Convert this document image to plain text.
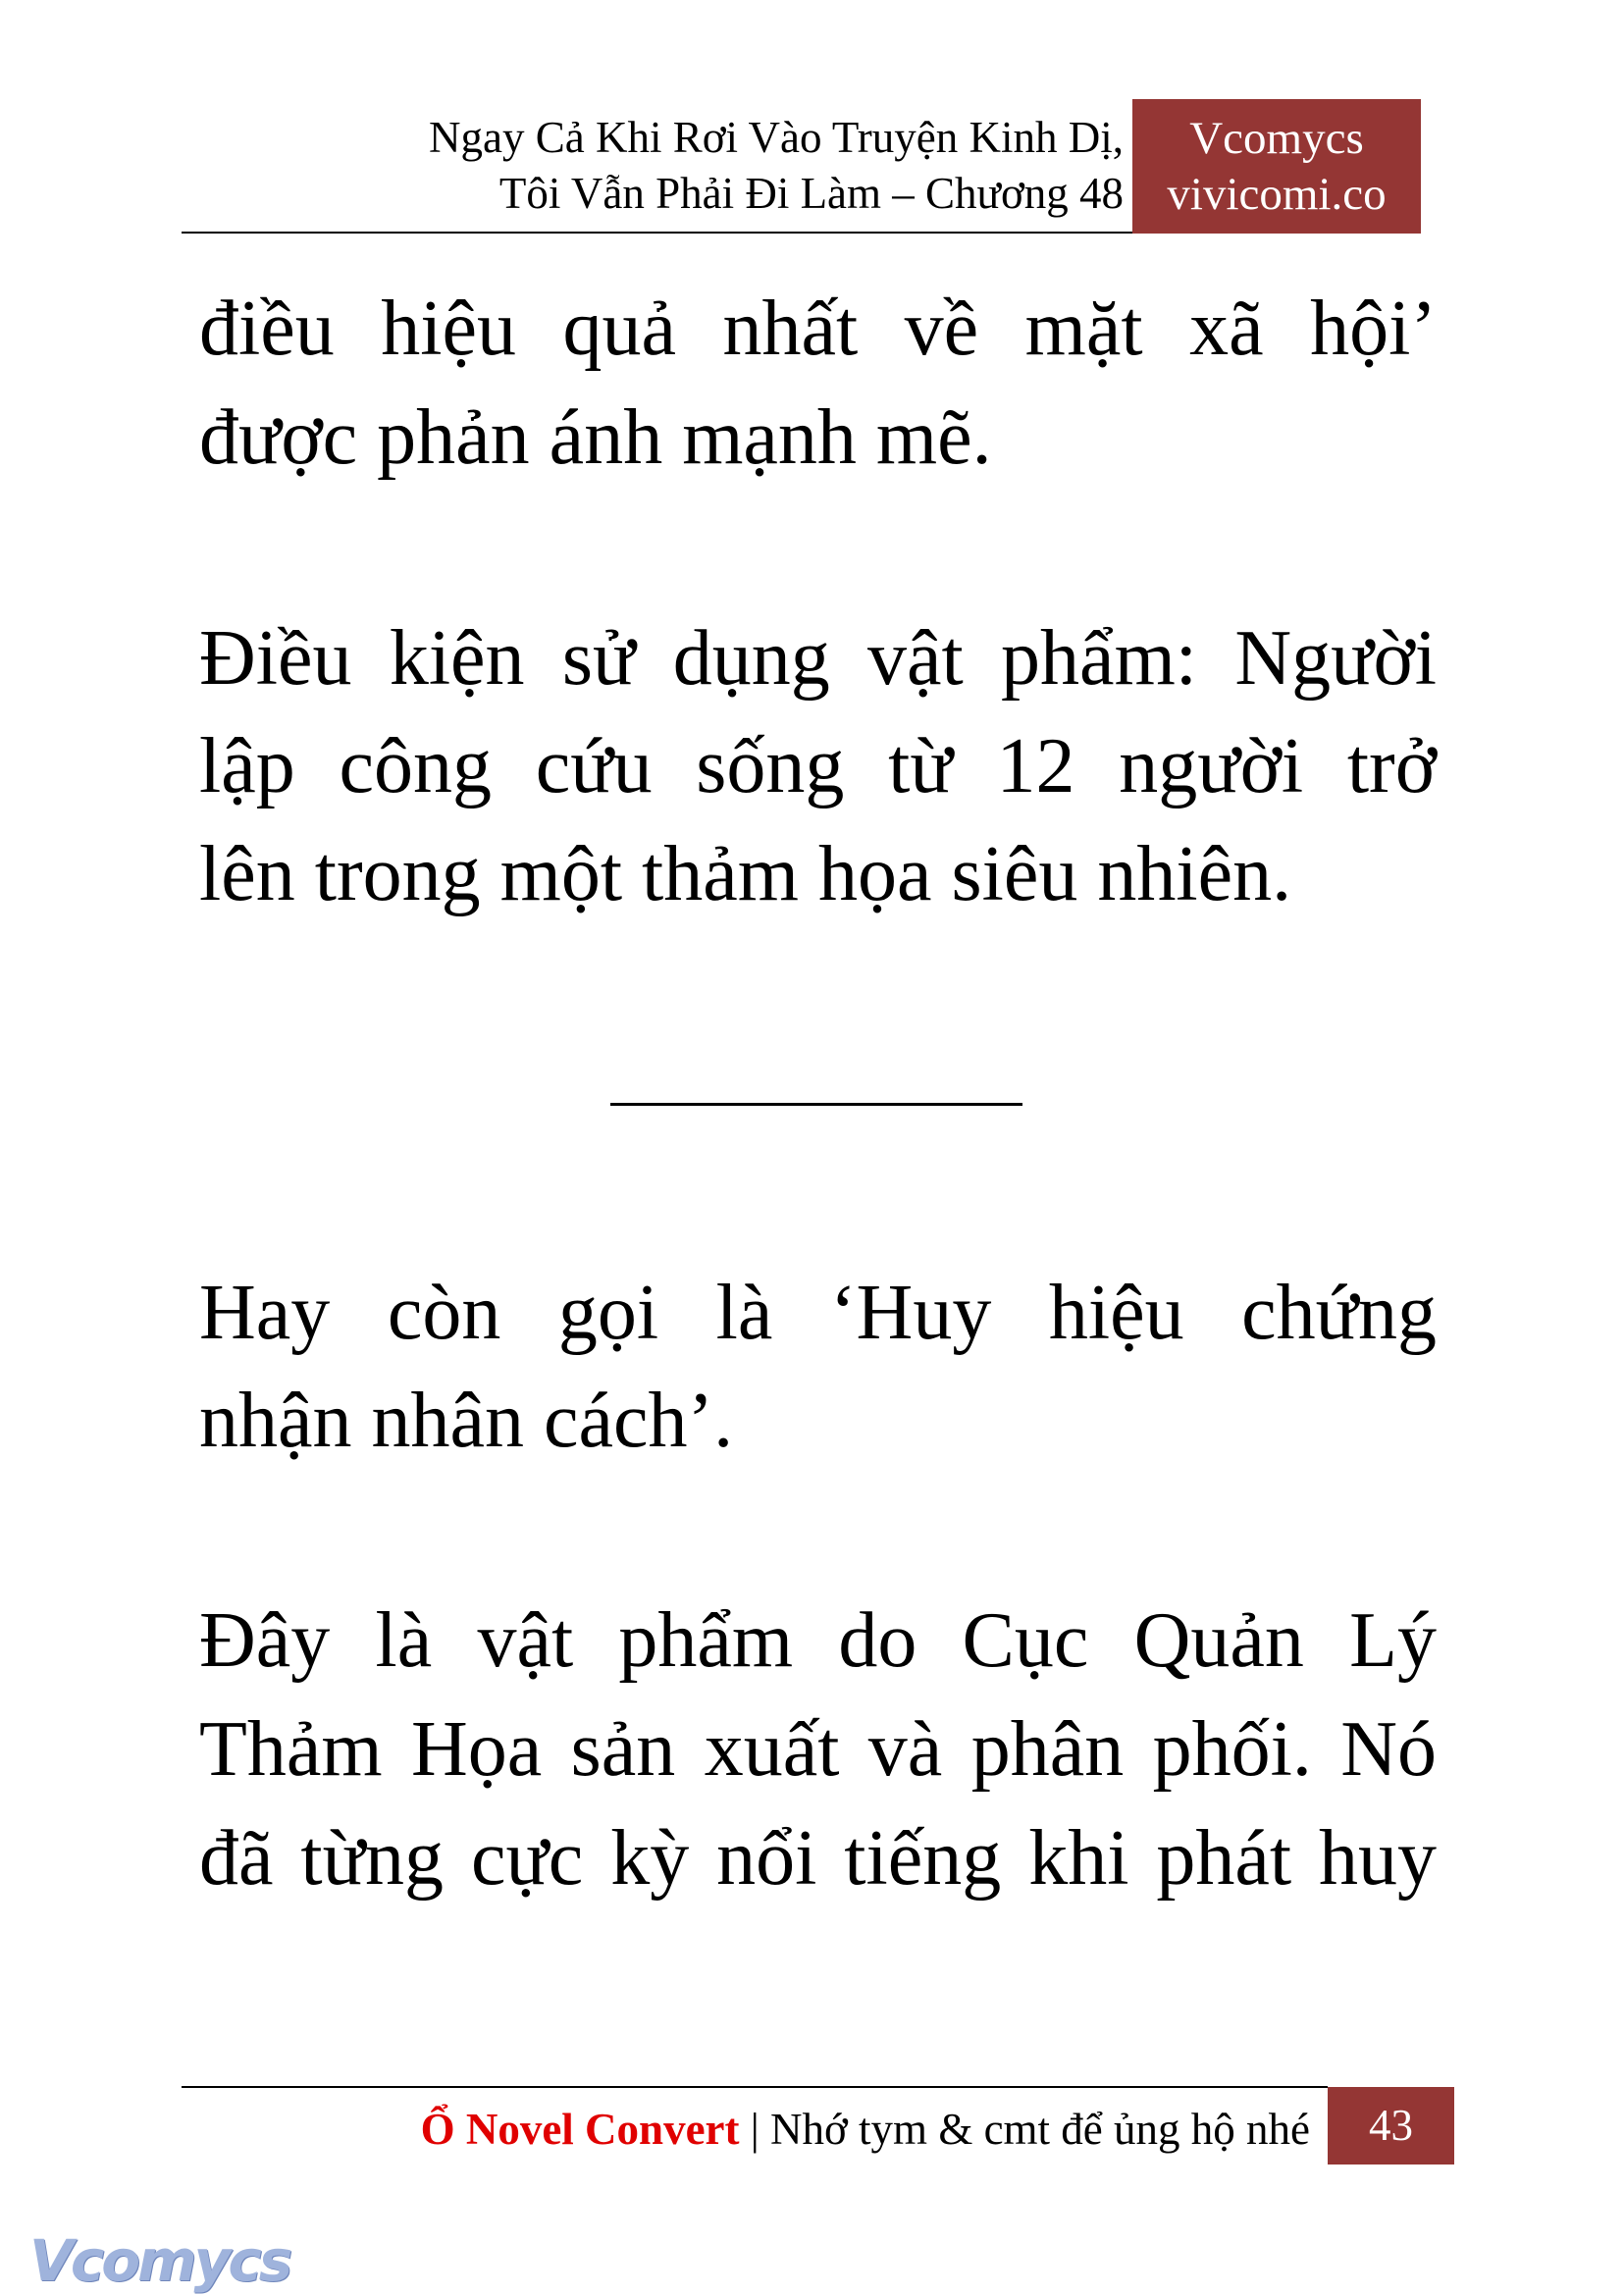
Ngay Cả Khi Rơi Vào Truyện Kinh Dị,
Tôi Vẫn Phải Đi Làm – Chương 48
Vcomycs
vivicomi.co
điều hiệu quả nhất về mặt xã hội’
được phản ánh mạnh mẽ.
Điều kiện sử dụng vật phẩm: Người
lập công cứu sống từ 12 người trở
lên trong một thảm họa siêu nhiên.
Hay còn gọi là ‘Huy hiệu chứng
nhận nhân cách’.
Đây là vật phẩm do Cục Quản Lý
Thảm Họa sản xuất và phân phối. Nó
đã từng cực kỳ nổi tiếng khi phát huy
Ổ Novel Convert | Nhớ tym & cmt để ủng hộ nhé	43
Vcomycs
